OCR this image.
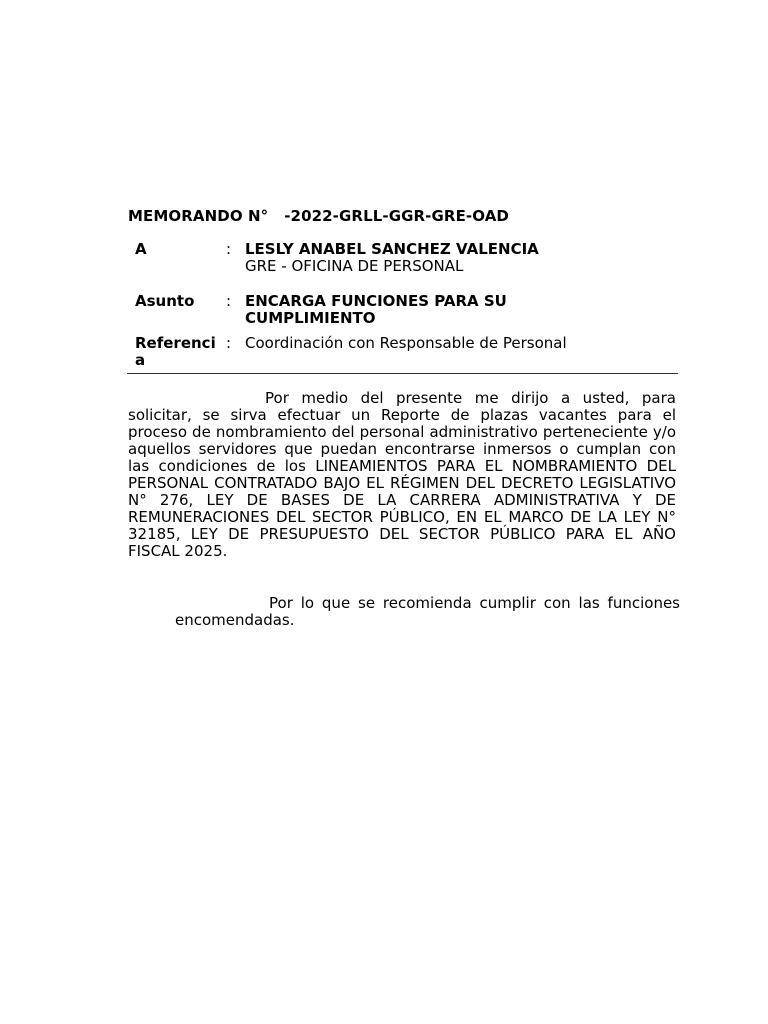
MEMORANDO N°   -2022-GRLL-GGR-GRE-OAD
A	: LESLY ANABEL SANCHEZ VALENCIA
GRE - OFICINA DE PERSONAL
Asunto	: ENCARGA FUNCIONES PARA SU
CUMPLIMIENTO
Referencia
: Coordinación con Responsable de Personal

Por medio del presente me dirijo a usted, para solicitar, se sirva efectuar un Reporte de plazas vacantes para el proceso de nombramiento del personal administrativo perteneciente y/o aquellos servidores que puedan encontrarse inmersos o cumplan con las condiciones de los LINEAMIENTOS PARA EL NOMBRAMIENTO DEL PERSONAL CONTRATADO BAJO EL RÉGIMEN DEL DECRETO LEGISLATIVO N° 276, LEY DE BASES DE LA CARRERA ADMINISTRATIVA Y DE REMUNERACIONES DEL SECTOR PÚBLICO, EN EL MARCO DE LA LEY N° 32185, LEY DE PRESUPUESTO DEL SECTOR PÚBLICO PARA EL AÑO FISCAL 2025.

Por lo que se recomienda cumplir con las funciones encomendadas.
